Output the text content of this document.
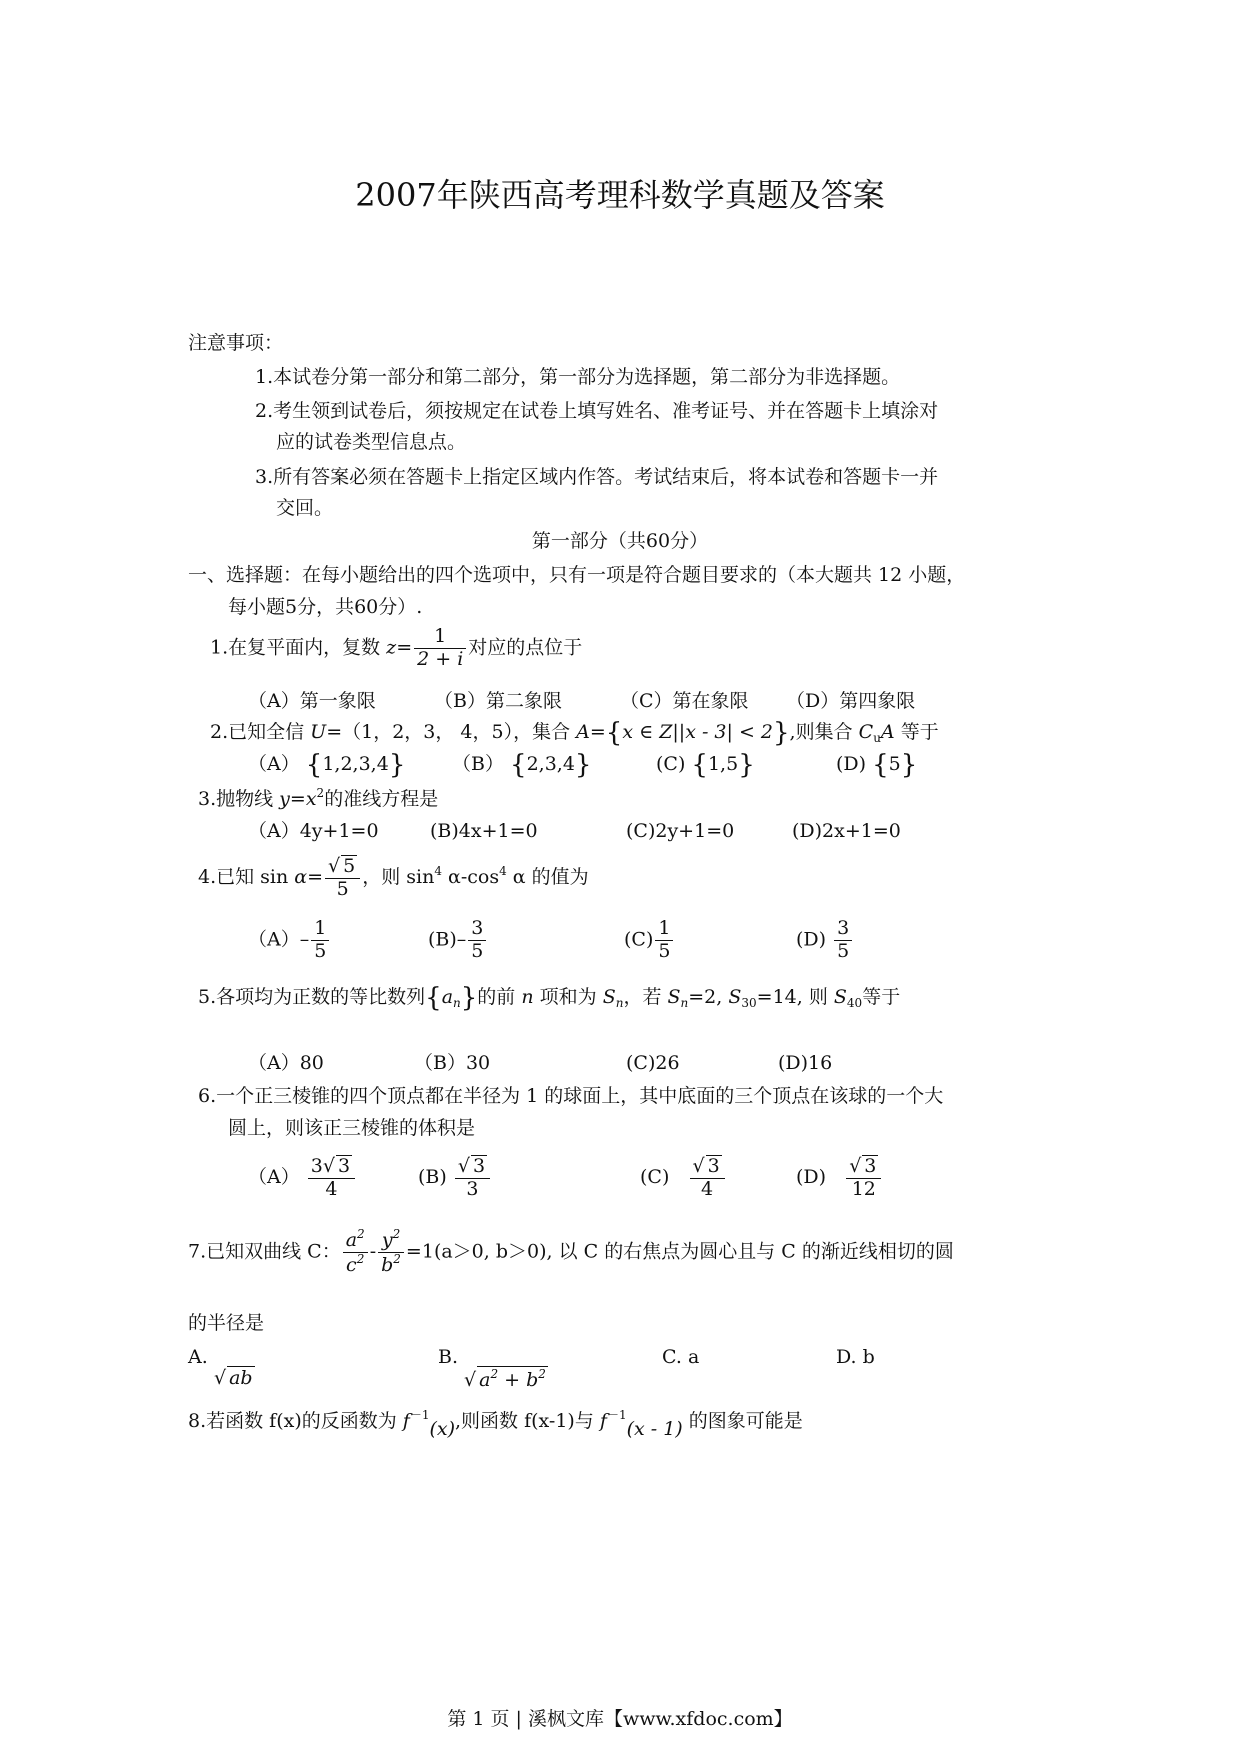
2007年陕西高考理科数学真题及答案
注意事项：
1.本试卷分第一部分和第二部分，第一部分为选择题，第二部分为非选择题。
2.考生领到试卷后，须按规定在试卷上填写姓名、准考证号、并在答题卡上填涂对
应的试卷类型信息点。
3.所有答案必须在答题卡上指定区域内作答。考试结束后，将本试卷和答题卡一并
交回。
第一部分（共60分）
一、选择题：在每小题给出的四个选项中，只有一项是符合题目要求的（本大题共 12 小题，
每小题5分，共60分）.
1.在复平面内，复数 $z= \frac{1}{2 + i}$ 对应的点位于
（A）第一象限	（B）第二象限	（C）第在象限 （D）第四象限
2.已知全信 U=（1，2，3， 4，5），集合 A={x ∈ Z||x - 3| < 2},则集合 $C_uA$ 等于
（A） {1,2,3,4} （B） {2,3,4}	(C) {1,5}	(D) {5}
3.抛物线 $y=x^2$的准线方程是
（A）4y+1=0	(B)4x+1=0	(C)2y+1=0	(D)2x+1=0
4.已知 $\sin \alpha= \frac{√ 5}{5}$ ，则 $\sin^4 \alpha-\cos^4$ α 的值为
$(A)- \frac{1}{5}$	$(B)- \frac{3}{5}$	$(C) \frac{1}{5}$	$(D) \frac{3}{5}$
5.各项均为正数的等比数列$\{a_n\}$的前 n 项和为 $S_n$，若 $S_n=2$, $S_{30}=14$, 则 $S_{40}$等于
（A）80	（B）30	(C)26	(D)16
6.一个正三棱锥的四个顶点都在半径为 1 的球面上，其中底面的三个顶点在该球的一个大
圆上，则该正三棱锥的体积是
$(A) \frac{3√ 3}{4}$	$(B) \frac{√ 3}{3}$	$(C) \frac{√ 3}{4}$	$(D) \frac{√ 3}{12}$
7.已知双曲线 C： $\frac{a^2}{c^2} - \frac{y^2}{b^2} =1(a>0$, b＞0), 以 C 的右焦点为圆心且与 C 的渐近线相切的圆
的半径是
A.
√ ab
B.
√ $a^2 + b^2$
C. a	D. b
8.若函数 f(x)的反函数为 $f^{-1}(x)$,则函数 f(x-1)与 $f^{-1}(x - 1)$ 的图象可能是
第 1 页 | 溪枫文库【www.xfdoc.com】
